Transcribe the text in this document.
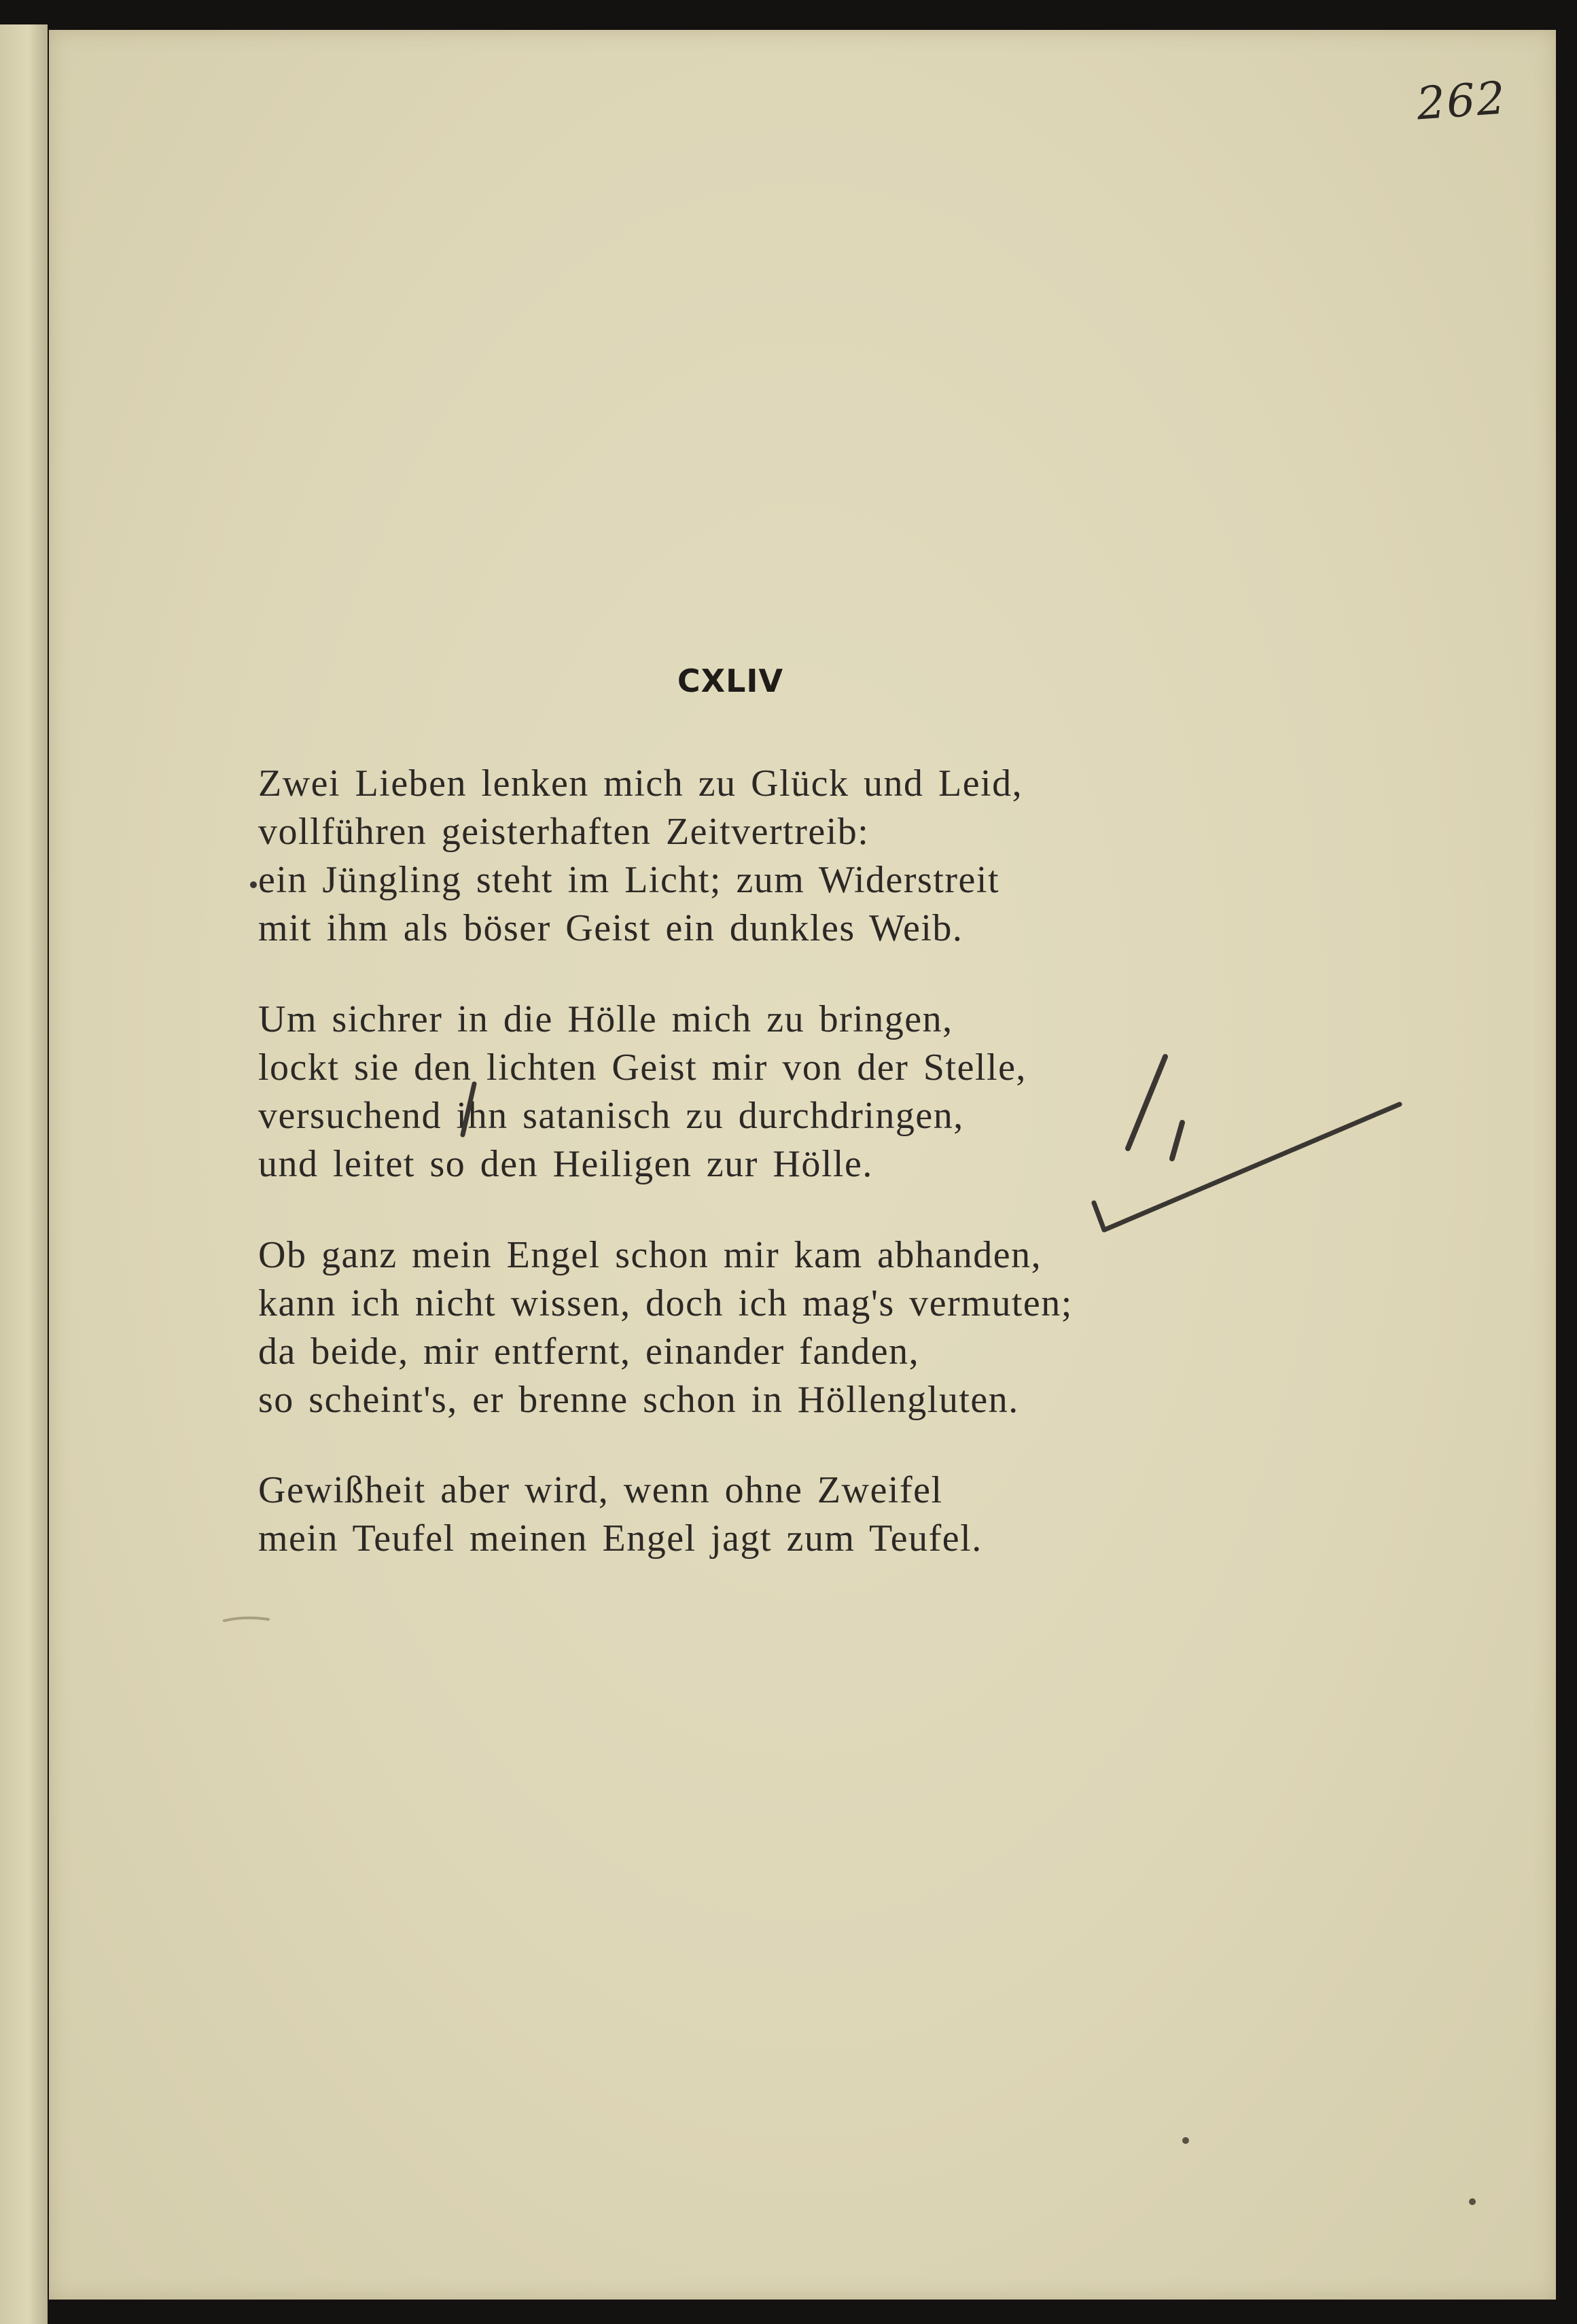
262

CXLIV
Zwei Lieben lenken mich zu Glück und Leid,
vollführen geisterhaften Zeitvertreib:
ein Jüngling steht im Licht; zum Widerstreit
mit ihm als böser Geist ein dunkles Weib.
Um sichrer in die Hölle mich zu bringen,
lockt sie den lichten Geist mir von der Stelle,
versuchend ihn satanisch zu durchdringen,
und leitet so den Heiligen zur Hölle.
Ob ganz mein Engel schon mir kam abhanden,
kann ich nicht wissen, doch ich mag's vermuten;
da beide, mir entfernt, einander fanden,
so scheint's, er brenne schon in Höllengluten.
Gewißheit aber wird, wenn ohne Zweifel
mein Teufel meinen Engel jagt zum Teufel.
